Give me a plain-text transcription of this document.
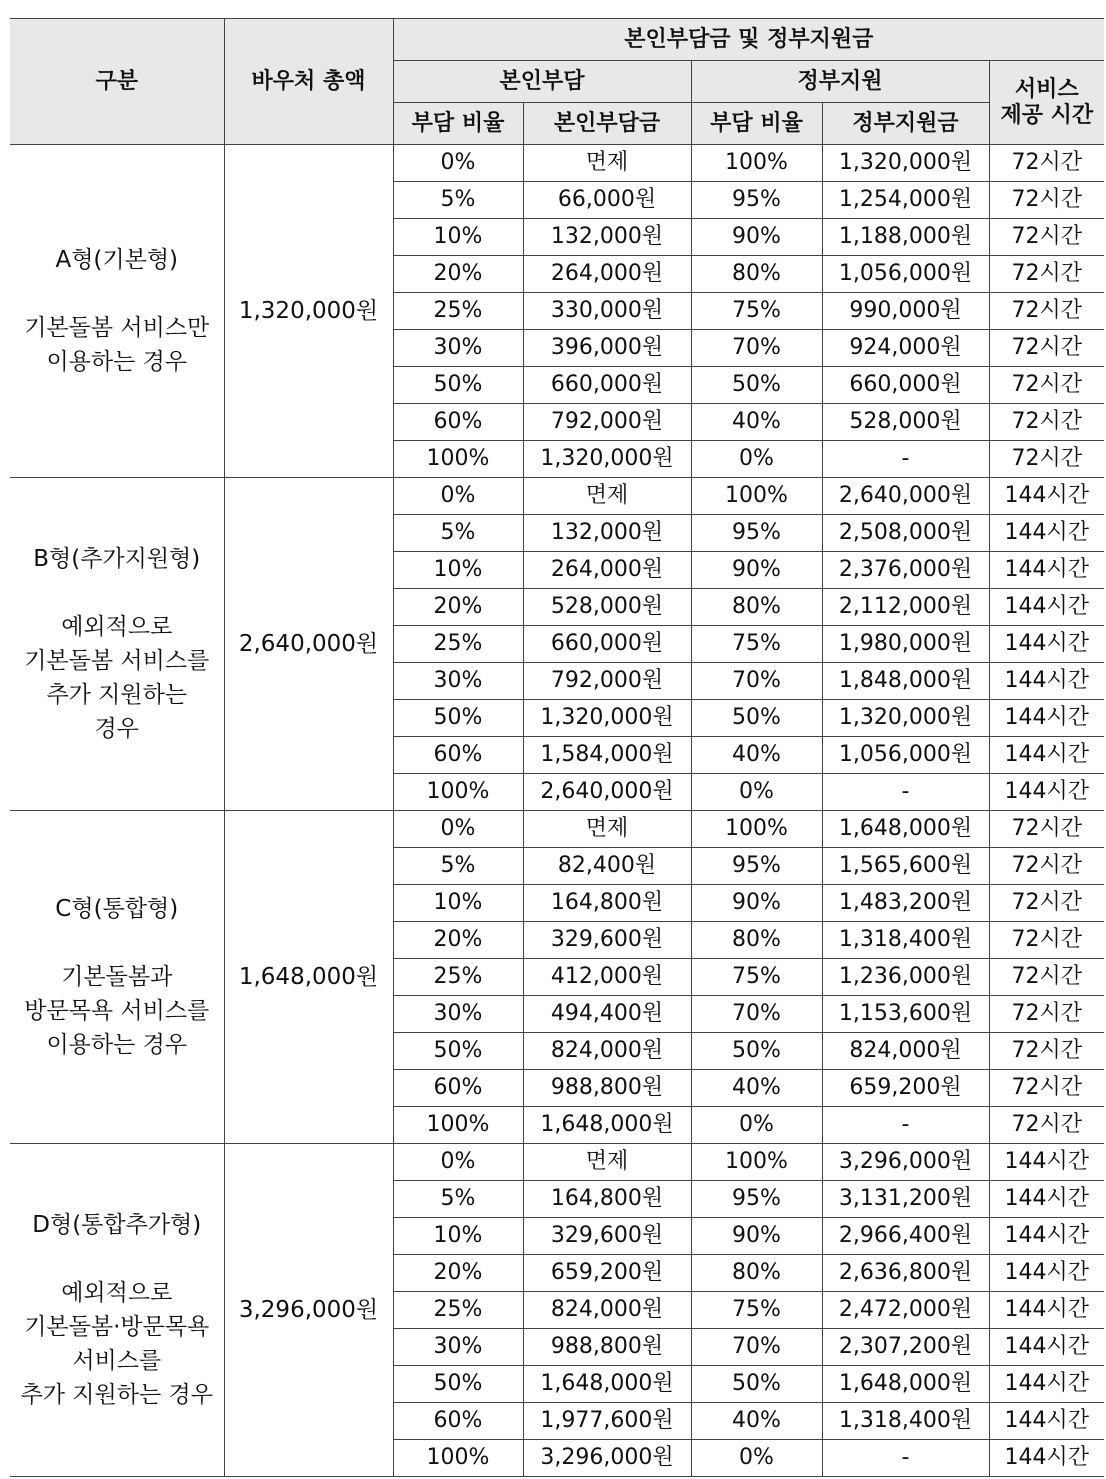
구분	바우처 총액	본인부담금 및 정부지원금				
		본인부담		정부지원		서비스
제공 시간

		부담 비율	본인부담금	부담 비율	정부지원금	

A형(기본형)
기본돌봄 서비스만
이용하는 경우	1,320,000원	0%	면제	100%	1,320,000원	72시간
		5%	66,000원	95%	1,254,000원	72시간
		10%	132,000원	90%	1,188,000원	72시간
		20%	264,000원	80%	1,056,000원	72시간
		25%	330,000원	75%	990,000원	72시간
		30%	396,000원	70%	924,000원	72시간
		50%	660,000원	50%	660,000원	72시간
		60%	792,000원	40%	528,000원	72시간
		100%	1,320,000원	0%	-	72시간

B형(추가지원형)
예외적으로
기본돌봄 서비스를
추가 지원하는
경우	2,640,000원	0%	면제	100%	2,640,000원	144시간
		5%	132,000원	95%	2,508,000원	144시간
		10%	264,000원	90%	2,376,000원	144시간
		20%	528,000원	80%	2,112,000원	144시간
		25%	660,000원	75%	1,980,000원	144시간
		30%	792,000원	70%	1,848,000원	144시간
		50%	1,320,000원	50%	1,320,000원	144시간
		60%	1,584,000원	40%	1,056,000원	144시간
		100%	2,640,000원	0%	-	144시간

C형(통합형)
기본돌봄과
방문목욕 서비스를
이용하는 경우	1,648,000원	0%	면제	100%	1,648,000원	72시간
		5%	82,400원	95%	1,565,600원	72시간
		10%	164,800원	90%	1,483,200원	72시간
		20%	329,600원	80%	1,318,400원	72시간
		25%	412,000원	75%	1,236,000원	72시간
		30%	494,400원	70%	1,153,600원	72시간
		50%	824,000원	50%	824,000원	72시간
		60%	988,800원	40%	659,200원	72시간
		100%	1,648,000원	0%	-	72시간

D형(통합추가형)
예외적으로
기본돌봄·방문목욕
서비스를
추가 지원하는 경우	3,296,000원	0%	면제	100%	3,296,000원	144시간
		5%	164,800원	95%	3,131,200원	144시간
		10%	329,600원	90%	2,966,400원	144시간
		20%	659,200원	80%	2,636,800원	144시간
		25%	824,000원	75%	2,472,000원	144시간
		30%	988,800원	70%	2,307,200원	144시간
		50%	1,648,000원	50%	1,648,000원	144시간
		60%	1,977,600원	40%	1,318,400원	144시간
		100%	3,296,000원	0%	-	144시간
